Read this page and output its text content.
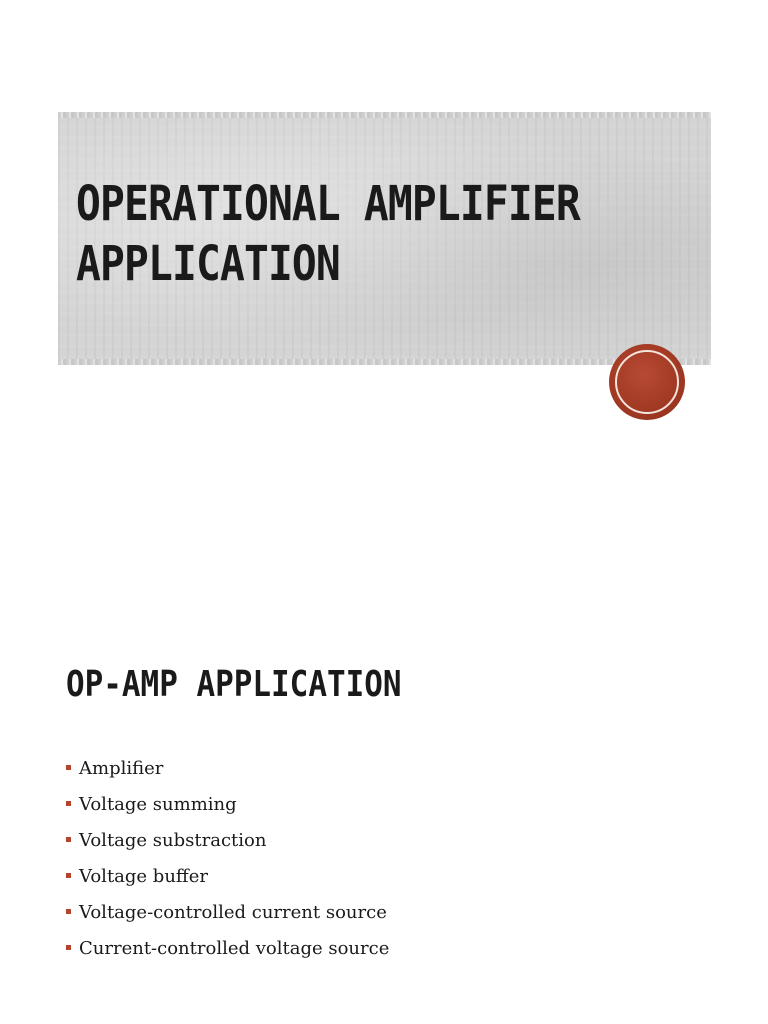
OPERATIONAL AMPLIFIER
APPLICATION
OP-AMP APPLICATION
Amplifier
Voltage summing
Voltage substraction
Voltage buffer
Voltage-controlled current source
Current-controlled voltage source
